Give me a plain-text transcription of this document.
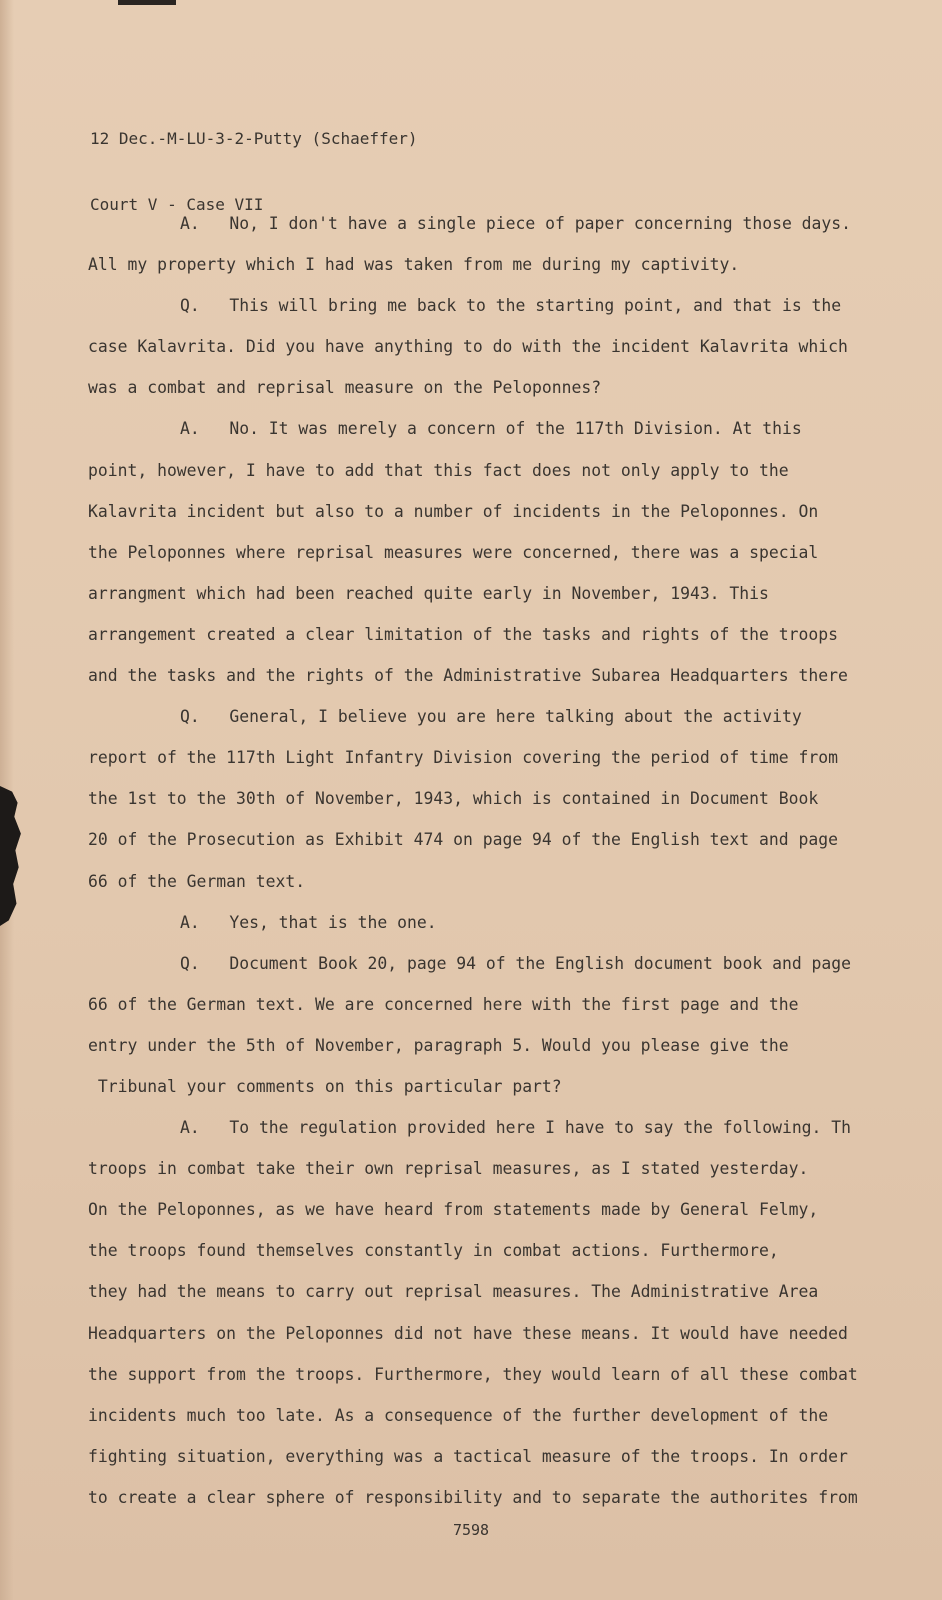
12 Dec.-M-LU-3-2-Putty (Schaeffer)

Court V - Case VII

A.   No, I don't have a single piece of paper concerning those days.
All my property which I had was taken from me during my captivity.
Q.   This will bring me back to the starting point, and that is the
case Kalavrita. Did you have anything to do with the incident Kalavrita which
was a combat and reprisal measure on the Peloponnes?
A.   No. It was merely a concern of the 117th Division. At this
point, however, I have to add that this fact does not only apply to the
Kalavrita incident but also to a number of incidents in the Peloponnes. On
the Peloponnes where reprisal measures were concerned, there was a special
arrangment which had been reached quite early in November, 1943. This
arrangement created a clear limitation of the tasks and rights of the troops
and the tasks and the rights of the Administrative Subarea Headquarters there
Q.   General, I believe you are here talking about the activity
report of the 117th Light Infantry Division covering the period of time from
the 1st to the 30th of November, 1943, which is contained in Document Book
20 of the Prosecution as Exhibit 474 on page 94 of the English text and page
66 of the German text.
A.   Yes, that is the one.
Q.   Document Book 20, page 94 of the English document book and page
66 of the German text. We are concerned here with the first page and the
entry under the 5th of November, paragraph 5. Would you please give the
Tribunal your comments on this particular part?
A.   To the regulation provided here I have to say the following. Th
troops in combat take their own reprisal measures, as I stated yesterday.
On the Peloponnes, as we have heard from statements made by General Felmy,
the troops found themselves constantly in combat actions. Furthermore,
they had the means to carry out reprisal measures. The Administrative Area
Headquarters on the Peloponnes did not have these means. It would have needed
the support from the troops. Furthermore, they would learn of all these combat
incidents much too late. As a consequence of the further development of the
fighting situation, everything was a tactical measure of the troops. In order
to create a clear sphere of responsibility and to separate the authorites from
7598
